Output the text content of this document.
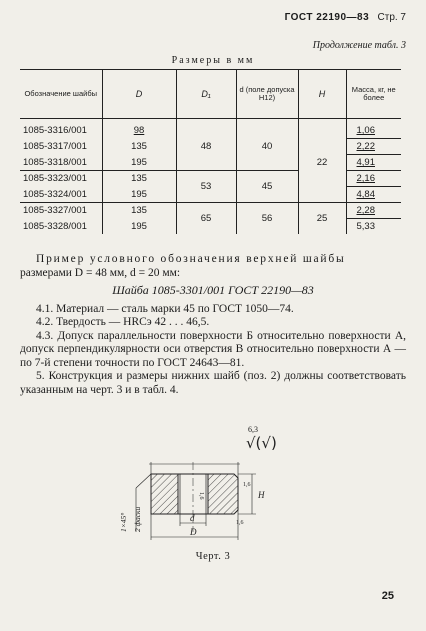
ГОСТ 22190—83 Стр. 7
Продолжение табл. 3
Размеры в мм
Обозначение шайбы	D	D₁	d (поле допуска H12)	H	Масса, кг, не более
1085-3316/001	98	48	40	22	1,06
1085-3317/001	135				2,22
1085-3318/001	195				4,91
1085-3323/001	135	53	45		2,16
1085-3324/001	195				4,84
1085-3327/001	135	65	56	25	2,28
1085-3328/001	195				5,33

Пример условного обозначения верхней шайбы

размерами D = 48 мм, d = 20 мм:

Шайба 1085-3301/001 ГОСТ 22190—83

4.1. Материал — сталь марки 45 по ГОСТ 1050—74.

4.2. Твердость — HRCэ 42 . . . 46,5.

4.3. Допуск параллельности поверхности Б относительно поверхности А, допуск перпендикулярности оси отверстия В относительно поверхности А — по 7-й степени точности по ГОСТ 24643—81.

5. Конструкция и размеры нижних шайб (поз. 2) должны соответствовать указанным на черт. 3 и в табл. 4.

6,3
√(√)
H
1,6
1,6
1,6
d
D
1×45° 2 фаски
Черт. 3
25
